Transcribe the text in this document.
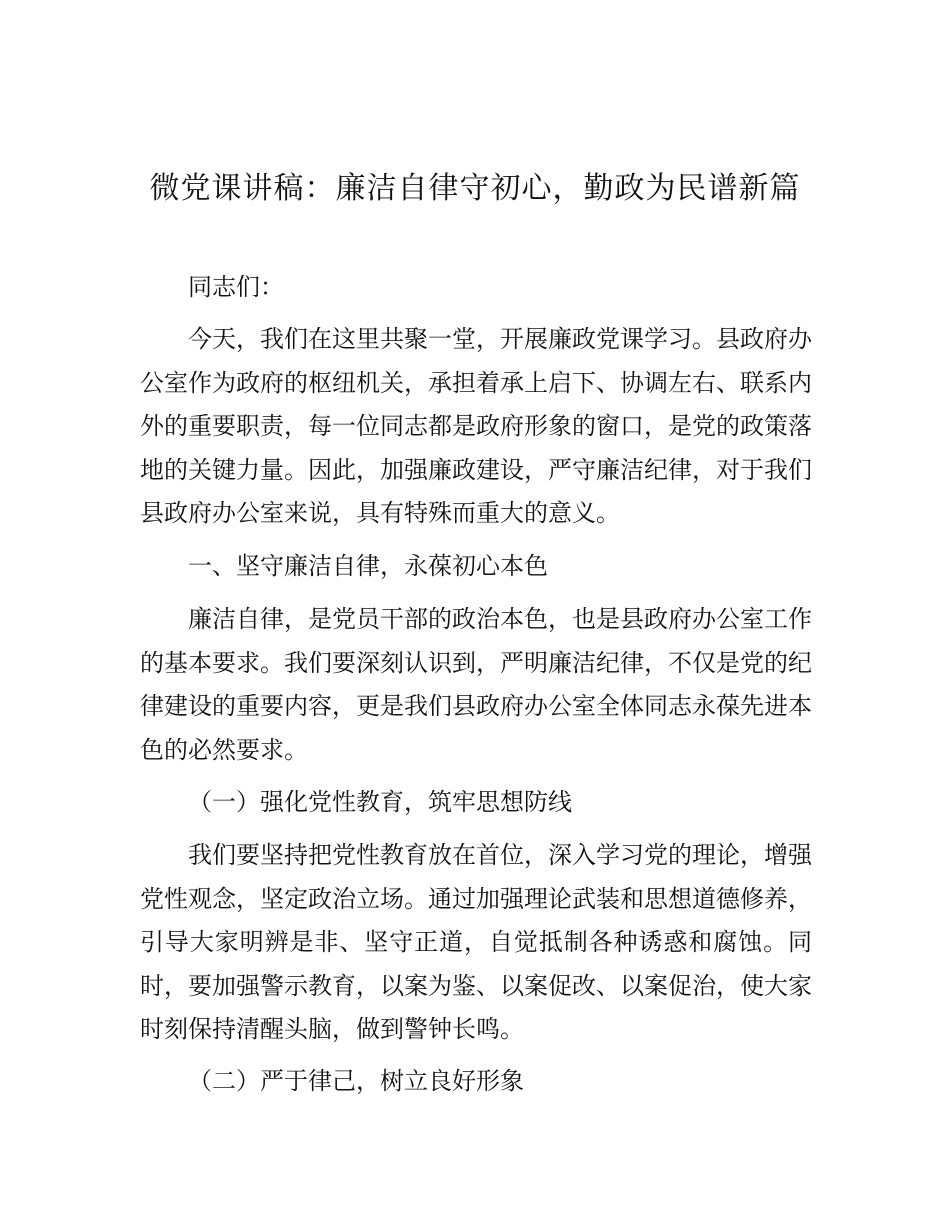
微党课讲稿：廉洁自律守初心，勤政为民谱新篇

同志们：

今天，我们在这里共聚一堂，开展廉政党课学习。县政府办公室作为政府的枢纽机关，承担着承上启下、协调左右、联系内外的重要职责，每一位同志都是政府形象的窗口，是党的政策落地的关键力量。因此，加强廉政建设，严守廉洁纪律，对于我们县政府办公室来说，具有特殊而重大的意义。

一、坚守廉洁自律，永葆初心本色

廉洁自律，是党员干部的政治本色，也是县政府办公室工作的基本要求。我们要深刻认识到，严明廉洁纪律，不仅是党的纪律建设的重要内容，更是我们县政府办公室全体同志永葆先进本色的必然要求。

（一）强化党性教育，筑牢思想防线

我们要坚持把党性教育放在首位，深入学习党的理论，增强党性观念，坚定政治立场。通过加强理论武装和思想道德修养，引导大家明辨是非、坚守正道，自觉抵制各种诱惑和腐蚀。同时，要加强警示教育，以案为鉴、以案促改、以案促治，使大家时刻保持清醒头脑，做到警钟长鸣。

（二）严于律己，树立良好形象
